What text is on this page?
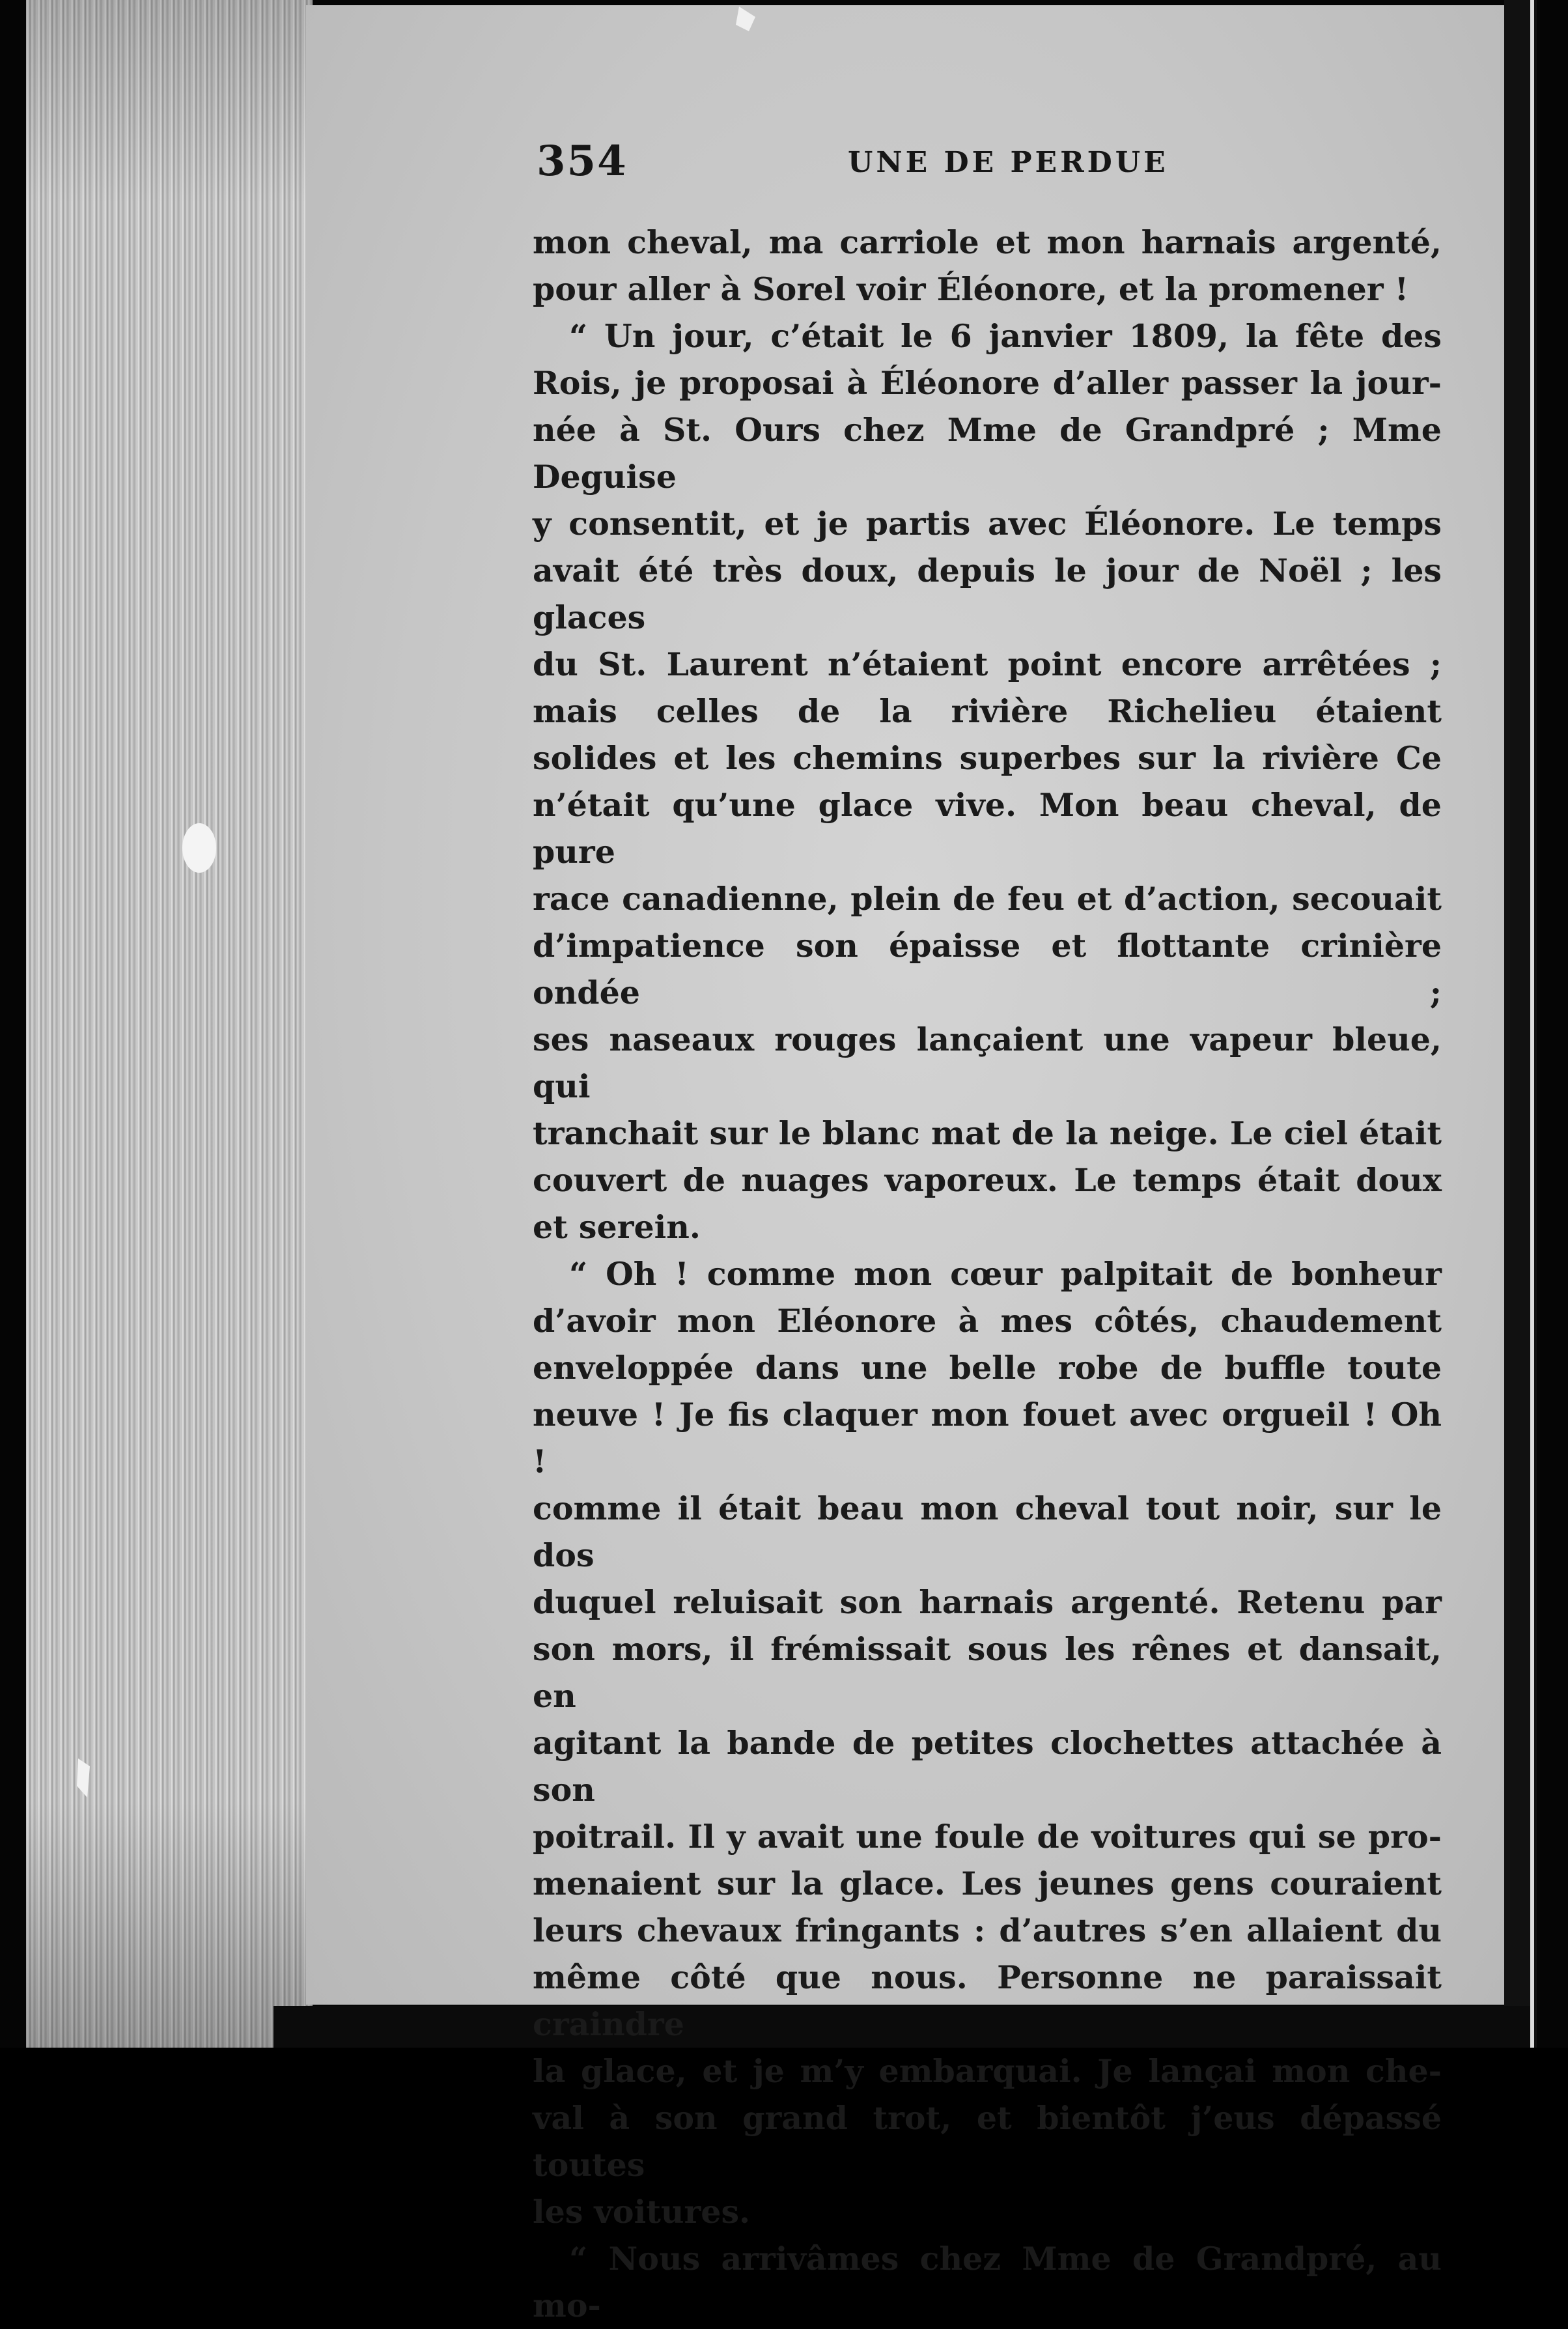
354	UNE DE PERDUE

mon cheval, ma carriole et mon harnais argenté,

pour aller à Sorel voir Éléonore, et la promener !

“ Un jour, c’était le 6 janvier 1809, la fête des

Rois, je proposai à Éléonore d’aller passer la jour-

née à St. Ours chez Mme de Grandpré ; Mme Deguise

y consentit, et je partis avec Éléonore. Le temps

avait été très doux, depuis le jour de Noël ; les glaces

du St. Laurent n’étaient point encore arrêtées ;

mais celles de la rivière Richelieu étaient

solides et les chemins superbes sur la rivière Ce

n’était qu’une glace vive. Mon beau cheval, de pure

race canadienne, plein de feu et d’action, secouait

d’impatience son épaisse et flottante crinière ondée ;

ses naseaux rouges lançaient une vapeur bleue, qui

tranchait sur le blanc mat de la neige. Le ciel était

couvert de nuages vaporeux. Le temps était doux

et serein.

“ Oh ! comme mon cœur palpitait de bonheur

d’avoir mon Eléonore à mes côtés, chaudement

enveloppée dans une belle robe de buffle toute

neuve ! Je fis claquer mon fouet avec orgueil ! Oh !

comme il était beau mon cheval tout noir, sur le dos

duquel reluisait son harnais argenté. Retenu par

son mors, il frémissait sous les rênes et dansait, en

agitant la bande de petites clochettes attachée à son

poitrail. Il y avait une foule de voitures qui se pro-

menaient sur la glace. Les jeunes gens couraient

leurs chevaux fringants : d’autres s’en allaient du

même côté que nous. Personne ne paraissait craindre

la glace, et je m’y embarquai. Je lançai mon che-

val à son grand trot, et bientôt j’eus dépassé toutes

les voitures.

“ Nous arrivâmes chez Mme de Grandpré, au mo-
